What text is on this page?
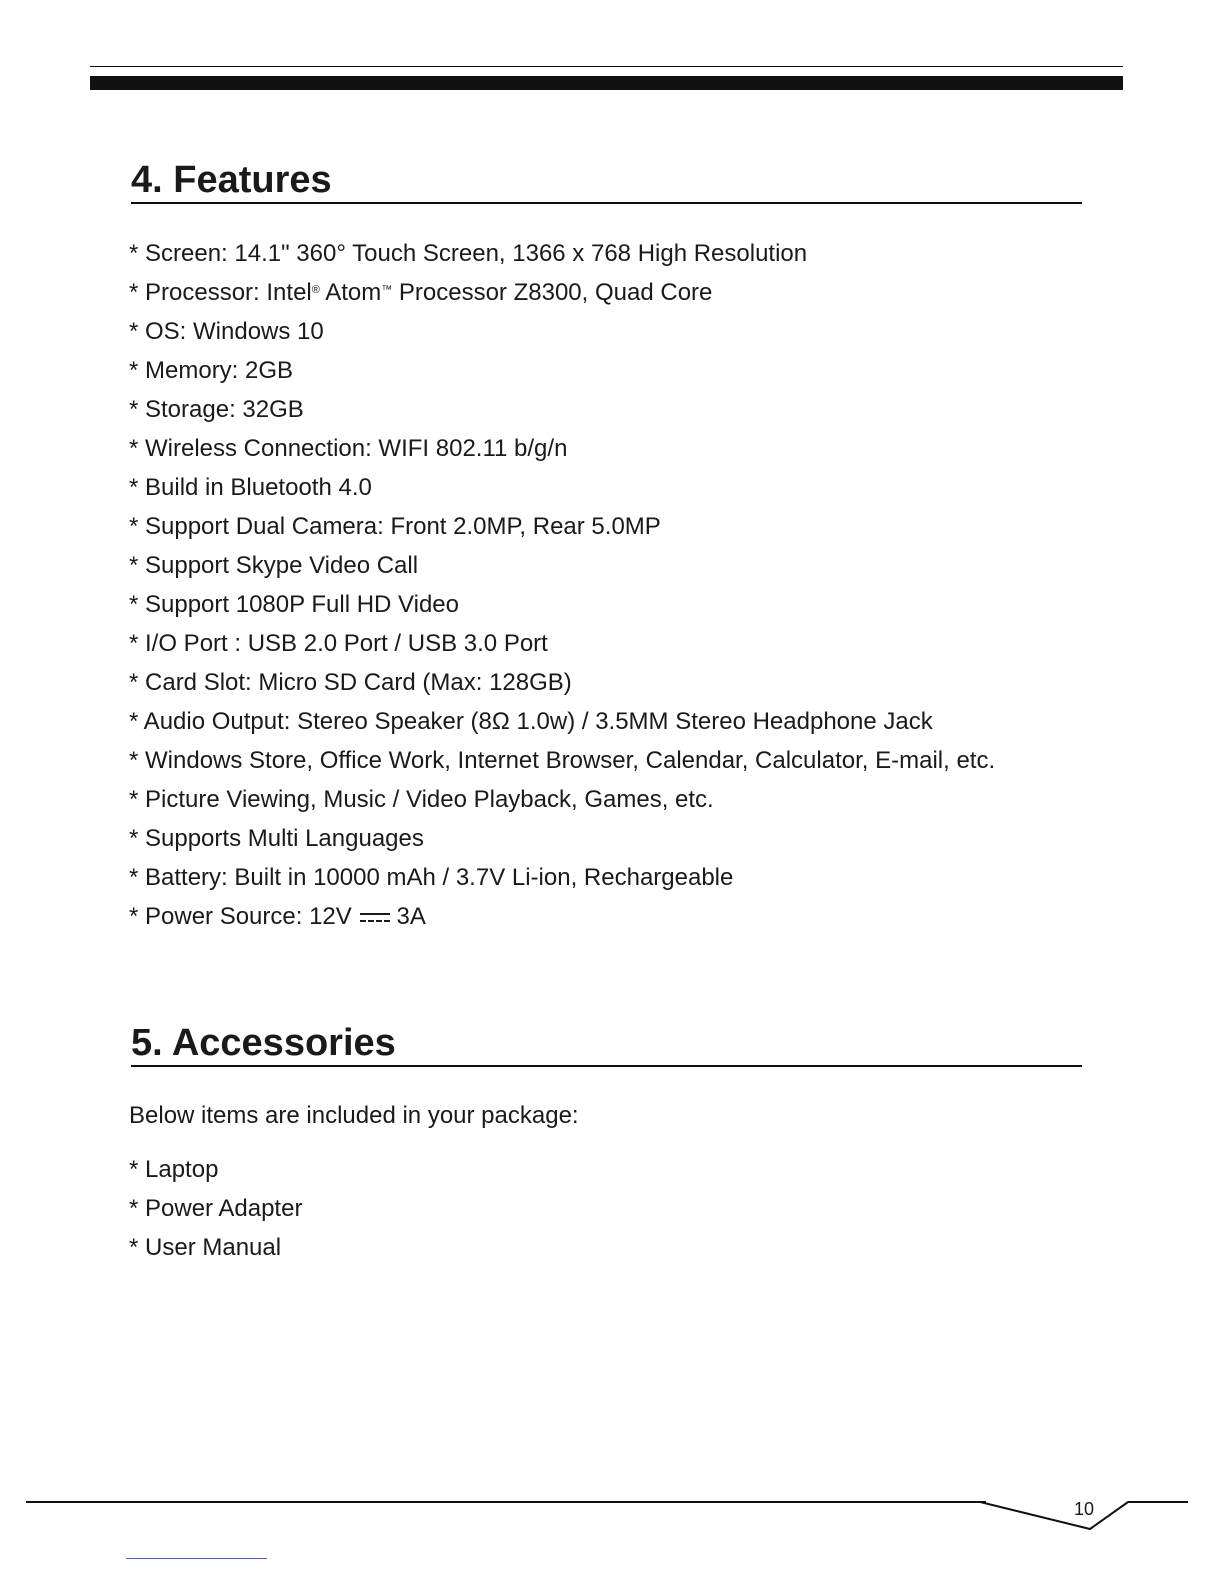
4. Features
* Screen: 14.1" 360° Touch Screen, 1366 x 768 High Resolution
* Processor: Intel® Atom™ Processor Z8300, Quad Core
* OS: Windows 10
* Memory: 2GB
* Storage: 32GB
* Wireless Connection: WIFI 802.11 b/g/n
* Build in Bluetooth 4.0
* Support Dual Camera: Front 2.0MP, Rear 5.0MP
* Support Skype Video Call
* Support 1080P Full HD Video
* I/O Port : USB 2.0 Port / USB 3.0 Port
* Card Slot: Micro SD Card (Max: 128GB)
* Audio Output: Stereo Speaker (8Ω 1.0w) / 3.5MM Stereo Headphone Jack
* Windows Store, Office Work, Internet Browser, Calendar, Calculator, E-mail, etc.
* Picture Viewing, Music / Video Playback, Games, etc.
* Supports Multi Languages
* Battery: Built in 10000 mAh / 3.7V Li-ion, Rechargeable
* Power Source: 12V 3A
5. Accessories
Below items are included in your package:
* Laptop
* Power Adapter
* User Manual
10
